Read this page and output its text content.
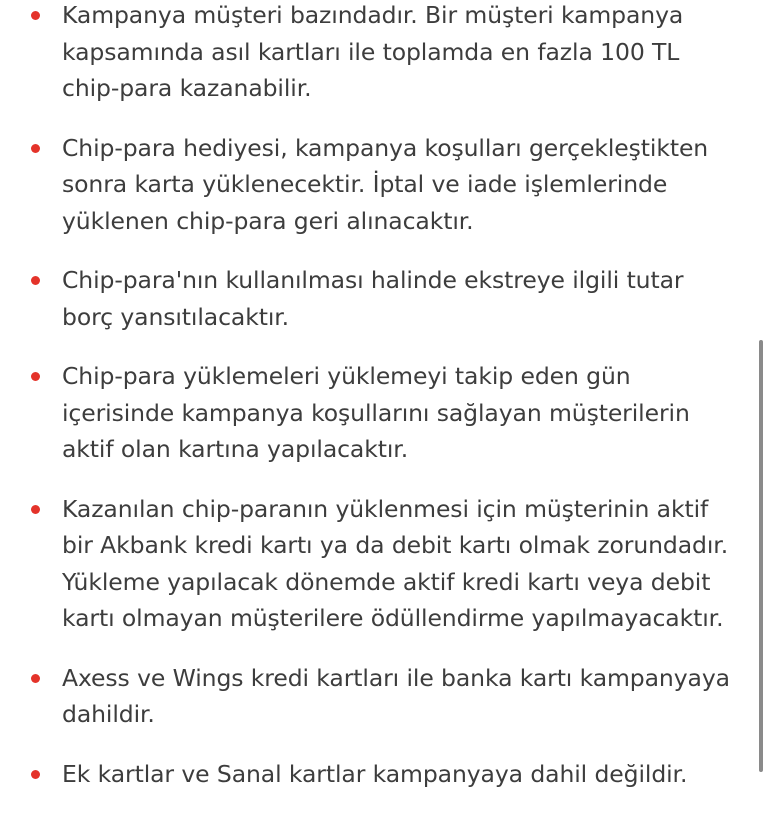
Kampanya müşteri bazındadır. Bir müşteri kampanya
kapsamında asıl kartları ile toplamda en fazla 100 TL
chip-para kazanabilir.
Chip-para hediyesi, kampanya koşulları gerçekleştikten
sonra karta yüklenecektir. İptal ve iade işlemlerinde
yüklenen chip-para geri alınacaktır.
Chip-para'nın kullanılması halinde ekstreye ilgili tutar
borç yansıtılacaktır.
Chip-para yüklemeleri yüklemeyi takip eden gün
içerisinde kampanya koşullarını sağlayan müşterilerin
aktif olan kartına yapılacaktır.
Kazanılan chip-paranın yüklenmesi için müşterinin aktif
bir Akbank kredi kartı ya da debit kartı olmak zorundadır.
Yükleme yapılacak dönemde aktif kredi kartı veya debit
kartı olmayan müşterilere ödüllendirme yapılmayacaktır.
Axess ve Wings kredi kartları ile banka kartı kampanyaya
dahildir.
Ek kartlar ve Sanal kartlar kampanyaya dahil değildir.
